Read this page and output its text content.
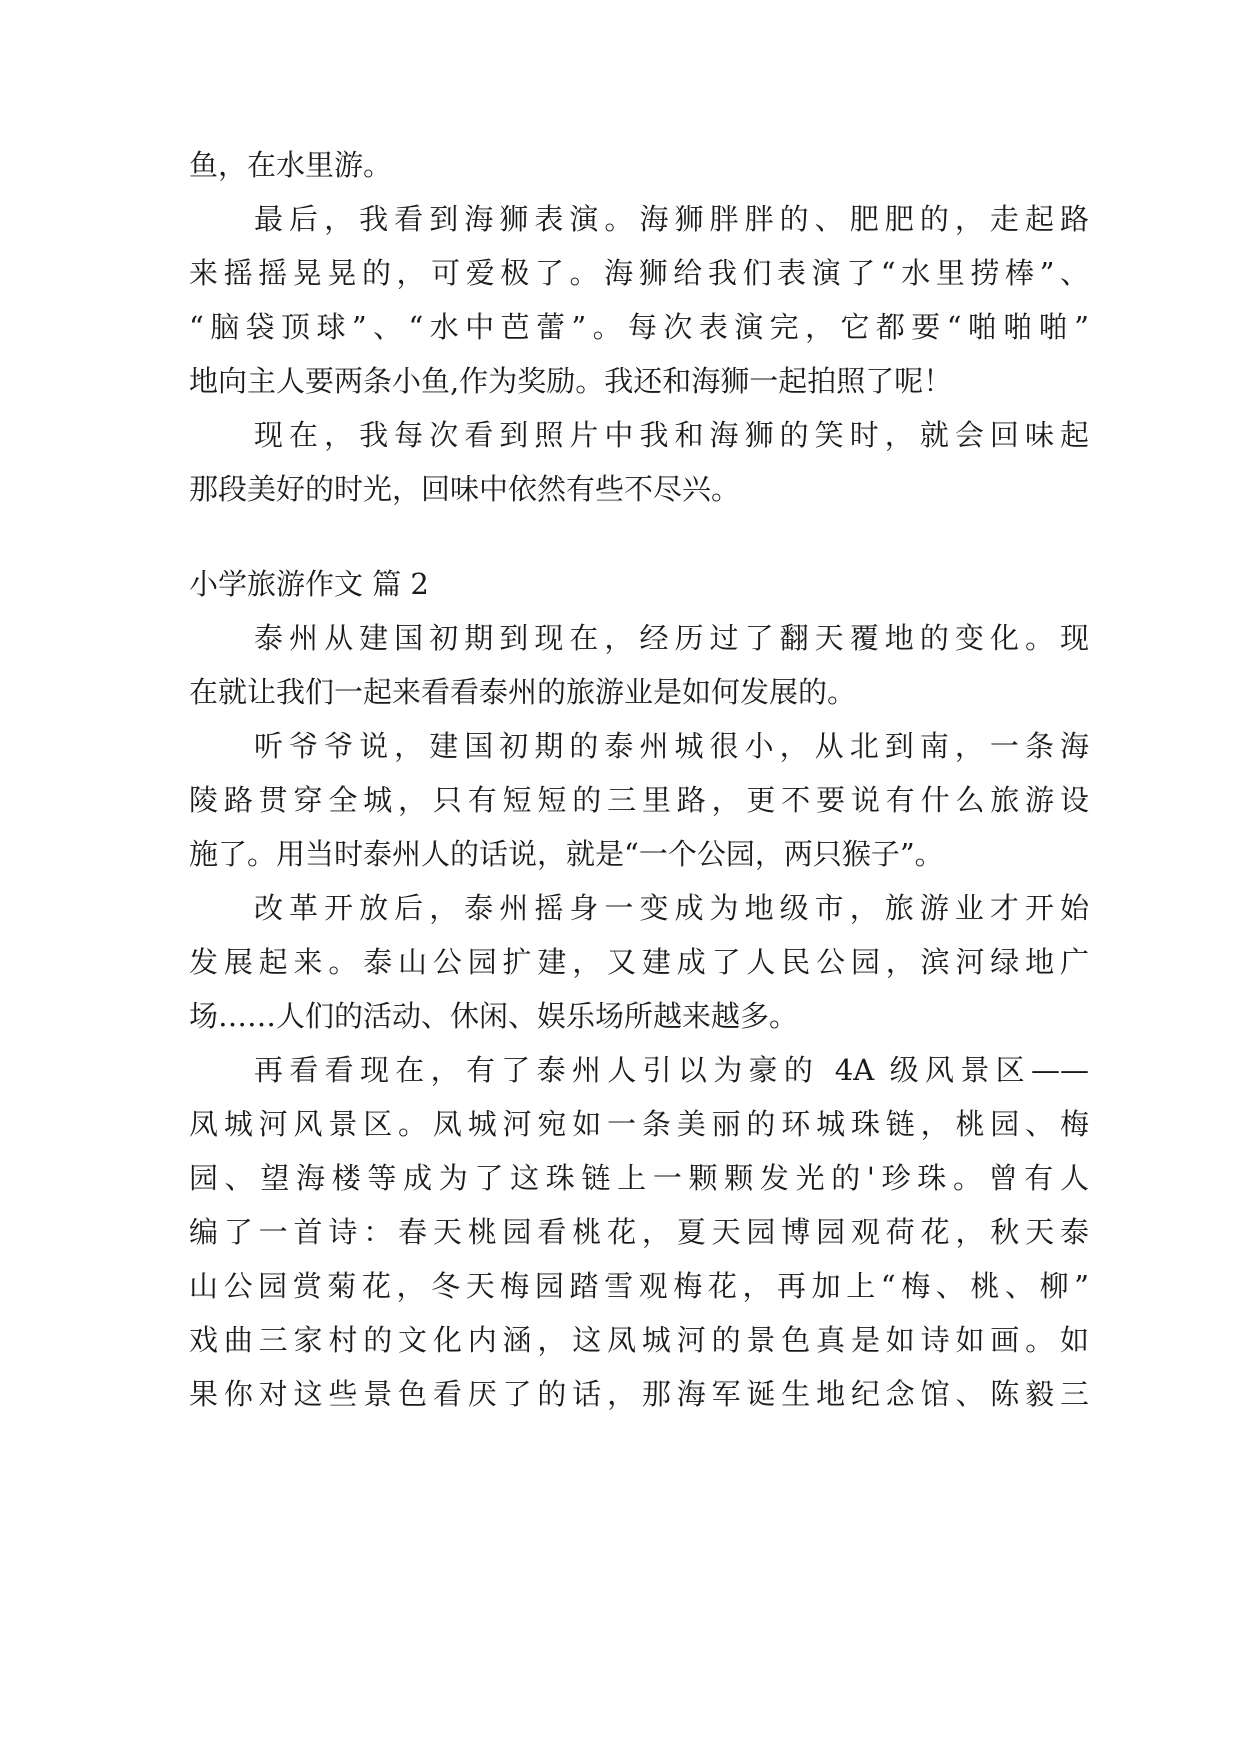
鱼，在水里游。
最后，我看到海狮表演。海狮胖胖的、肥肥的，走起路
来摇摇晃晃的，可爱极了。海狮给我们表演了“水里捞棒”、
“脑袋顶球”、“水中芭蕾”。每次表演完，它都要“啪啪啪”
地向主人要两条小鱼,作为奖励。我还和海狮一起拍照了呢！
现在，我每次看到照片中我和海狮的笑时，就会回味起
那段美好的时光，回味中依然有些不尽兴。
小学旅游作文 篇 2
泰州从建国初期到现在，经历过了翻天覆地的变化。现
在就让我们一起来看看泰州的旅游业是如何发展的。
听爷爷说，建国初期的泰州城很小，从北到南，一条海
陵路贯穿全城，只有短短的三里路，更不要说有什么旅游设
施了。用当时泰州人的话说，就是“一个公园，两只猴子”。
改革开放后，泰州摇身一变成为地级市，旅游业才开始
发展起来。泰山公园扩建，又建成了人民公园，滨河绿地广
场……人们的活动、休闲、娱乐场所越来越多。
再看看现在，有了泰州人引以为豪的 4A 级风景区——
凤城河风景区。凤城河宛如一条美丽的环城珠链，桃园、梅
园、望海楼等成为了这珠链上一颗颗发光的'珍珠。曾有人
编了一首诗：春天桃园看桃花，夏天园博园观荷花，秋天泰
山公园赏菊花，冬天梅园踏雪观梅花，再加上“梅、桃、柳”
戏曲三家村的文化内涵，这凤城河的景色真是如诗如画。如
果你对这些景色看厌了的话，那海军诞生地纪念馆、陈毅三
